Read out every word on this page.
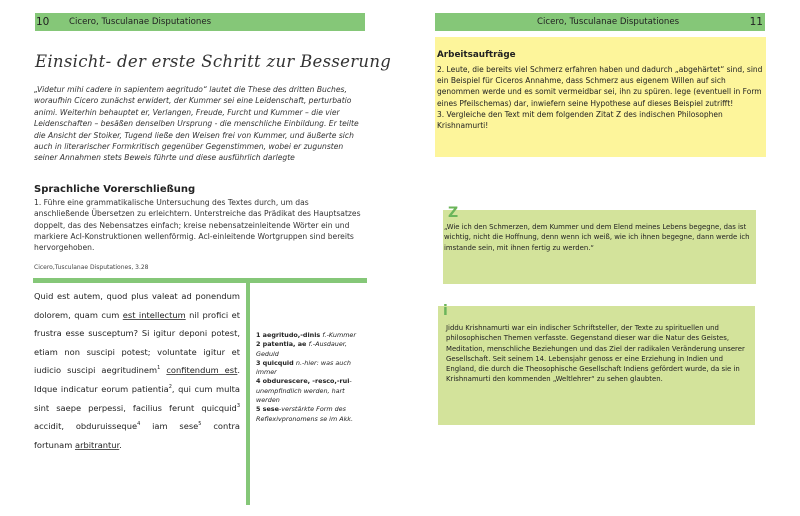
10 Cicero, Tusculanae Disputationes
Einsicht- der erste Schritt zur Besserung
„Videtur mihi cadere in sapientem aegritudo“ lautet die These des dritten Buches, woraufhin Cicero zunächst erwidert, der Kummer sei eine Leidenschaft, perturbatio animi. Weiterhin behauptet er, Verlangen, Freude, Furcht und Kummer – die vier Leidenschaften – besäßen denselben Ursprung - die menschliche Einbildung. Er teilte die Ansicht der Stoiker, Tugend ließe den Weisen frei von Kummer, und äußerte sich auch in literarischer Formkritisch gegenüber Gegenstimmen, wobei er zugunsten seiner Annahmen stets Beweis führte und diese ausführlich darlegte
Sprachliche Vorerschließung
1. Führe eine grammatikalische Untersuchung des Textes durch, um das anschließende Übersetzen zu erleichtern. Unterstreiche das Prädikat des Hauptsatzes doppelt, das des Nebensatzes einfach; kreise nebensatzeinleitende Wörter ein und markiere AcI-Konstruktionen wellenförmig. AcI-einleitende Wortgruppen sind bereits hervorgehoben.
Cicero,Tusculanae Disputationes, 3.28
Quid est autem, quod plus valeat ad ponendum dolorem, quam cum est intellectum nil profici et frustra esse susceptum? Si igitur deponi potest, etiam non suscipi potest; voluntate igitur et iudicio suscipi aegritudinem$^1$ confitendum est. Idque indicatur eorum patientia$^2$, qui cum multa sint saepe perpessi, facilius ferunt quicquid$^3$ accidit, obduruisseque$^4$ iam sese$^5$ contra fortunam arbitrantur.
1 aegritudo,-dinis f.-Kummer
2 patentia, ae f.-Ausdauer, Geduld
3 quicquid n.-hier: was auch immer
4 obdurescere, -resco,-rui-unempfindlich werden, hart werden
5 sese-verstärkte Form des Reflexivpronomens se im Akk.
Cicero, Tusculanae Disputationes	11
Arbeitsaufträge
2. Leute, die bereits viel Schmerz erfahren haben und dadurch „abgehärtet“ sind, sind ein Beispiel für Ciceros Annahme, dass Schmerz aus eigenem Willen auf sich genommen werde und es somit vermeidbar sei, ihn zu spüren. lege (eventuell in Form eines Pfeilschemas) dar, inwiefern seine Hypothese auf dieses Beispiel zutrifft!
3. Vergleiche den Text mit dem folgenden Zitat Z des indischen Philosophen Krishnamurti!
Z
„Wie ich den Schmerzen, dem Kummer und dem Elend meines Lebens begegne, das ist wichtig, nicht die Hoffnung, denn wenn ich weiß, wie ich ihnen begegne, dann werde ich imstande sein, mit ihnen fertig zu werden.“
i
Jiddu Krishnamurti war ein indischer Schriftsteller, der Texte zu spirituellen und philosophischen Themen verfasste. Gegenstand dieser war die Natur des Geistes, Meditation, menschliche Beziehungen und das Ziel der radikalen Veränderung unserer Gesellschaft. Seit seinem 14. Lebensjahr genoss er eine Erziehung in Indien und England, die durch die Theosophische Gesellschaft Indiens gefördert wurde, da sie in Krishnamurti den kommenden „Weltlehrer“ zu sehen glaubten.
